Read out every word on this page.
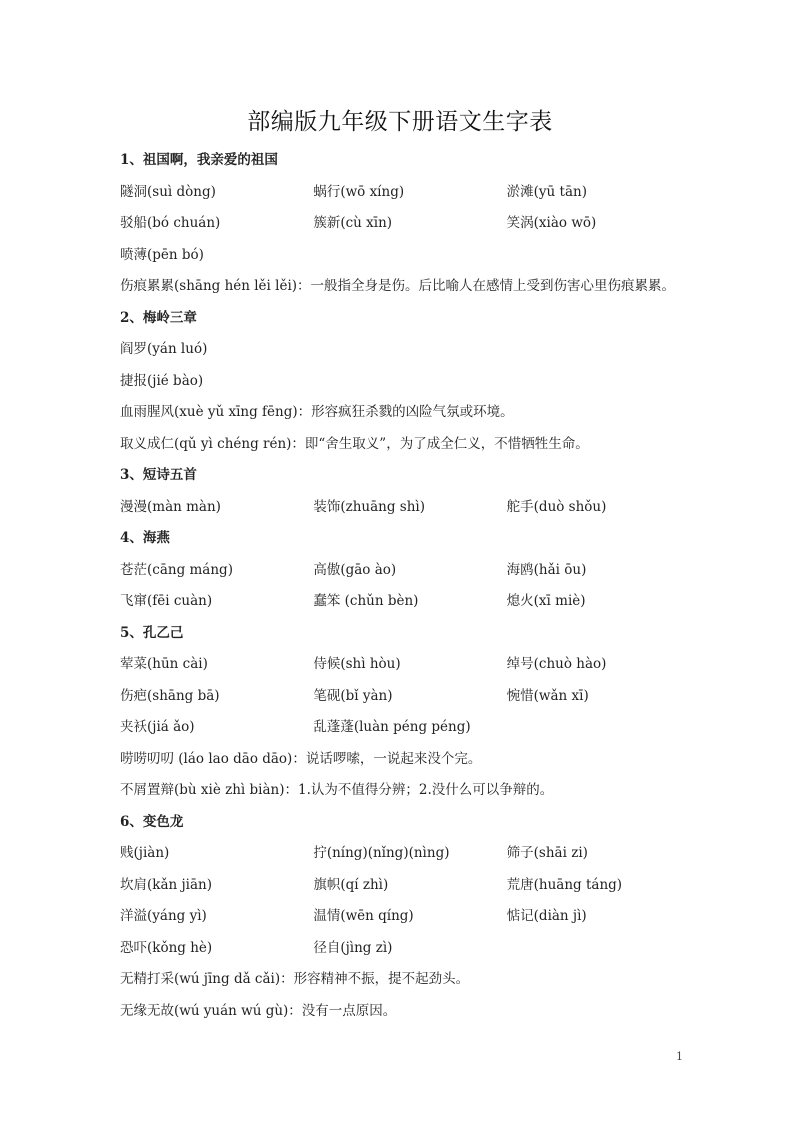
部编版九年级下册语文生字表
1、祖国啊，我亲爱的祖国
隧洞(suì dòng)	蜗行(wō xíng)	淤滩(yū tān)
驳船(bó chuán)	簇新(cù xīn)	笑涡(xiào wō)
喷薄(pēn bó)
伤痕累累(shāng hén lěi lěi)：一般指全身是伤。后比喻人在感情上受到伤害心里伤痕累累。
2、梅岭三章
阎罗(yán luó)
捷报(jié bào)
血雨腥风(xuè yǔ xīng fēng)：形容疯狂杀戮的凶险气氛或环境。
取义成仁(qǔ yì chéng rén)：即“舍生取义”，为了成全仁义，不惜牺牲生命。
3、短诗五首
漫漫(màn màn)	装饰(zhuāng shì)	舵手(duò shǒu)
4、海燕
苍茫(cāng máng)	高傲(gāo ào)	海鸥(hǎi ōu)
飞窜(fēi cuàn)	蠢笨 (chǔn bèn)	熄火(xī miè)
5、孔乙己
荤菜(hūn cài)	侍候(shì hòu)	绰号(chuò hào)
伤疤(shāng bā)	笔砚(bǐ yàn)	惋惜(wǎn xī)
夹袄(jiá ǎo)	乱蓬蓬(luàn péng péng)
唠唠叨叨 (láo lao dāo dāo)：说话啰嗦，一说起来没个完。
不屑置辩(bù xiè zhì biàn)：1.认为不值得分辨；2.没什么可以争辩的。
6、变色龙
贱(jiàn)	拧(níng)(nǐng)(nìng)	筛子(shāi zi)
坎肩(kǎn jiān)	旗帜(qí zhì)	荒唐(huāng táng)
洋溢(yáng yì)	温情(wēn qíng)	惦记(diàn jì)
恐吓(kǒng hè)	径自(jìng zì)
无精打采(wú jīng dǎ cǎi)：形容精神不振，提不起劲头。
无缘无故(wú yuán wú gù)：没有一点原因。
1
